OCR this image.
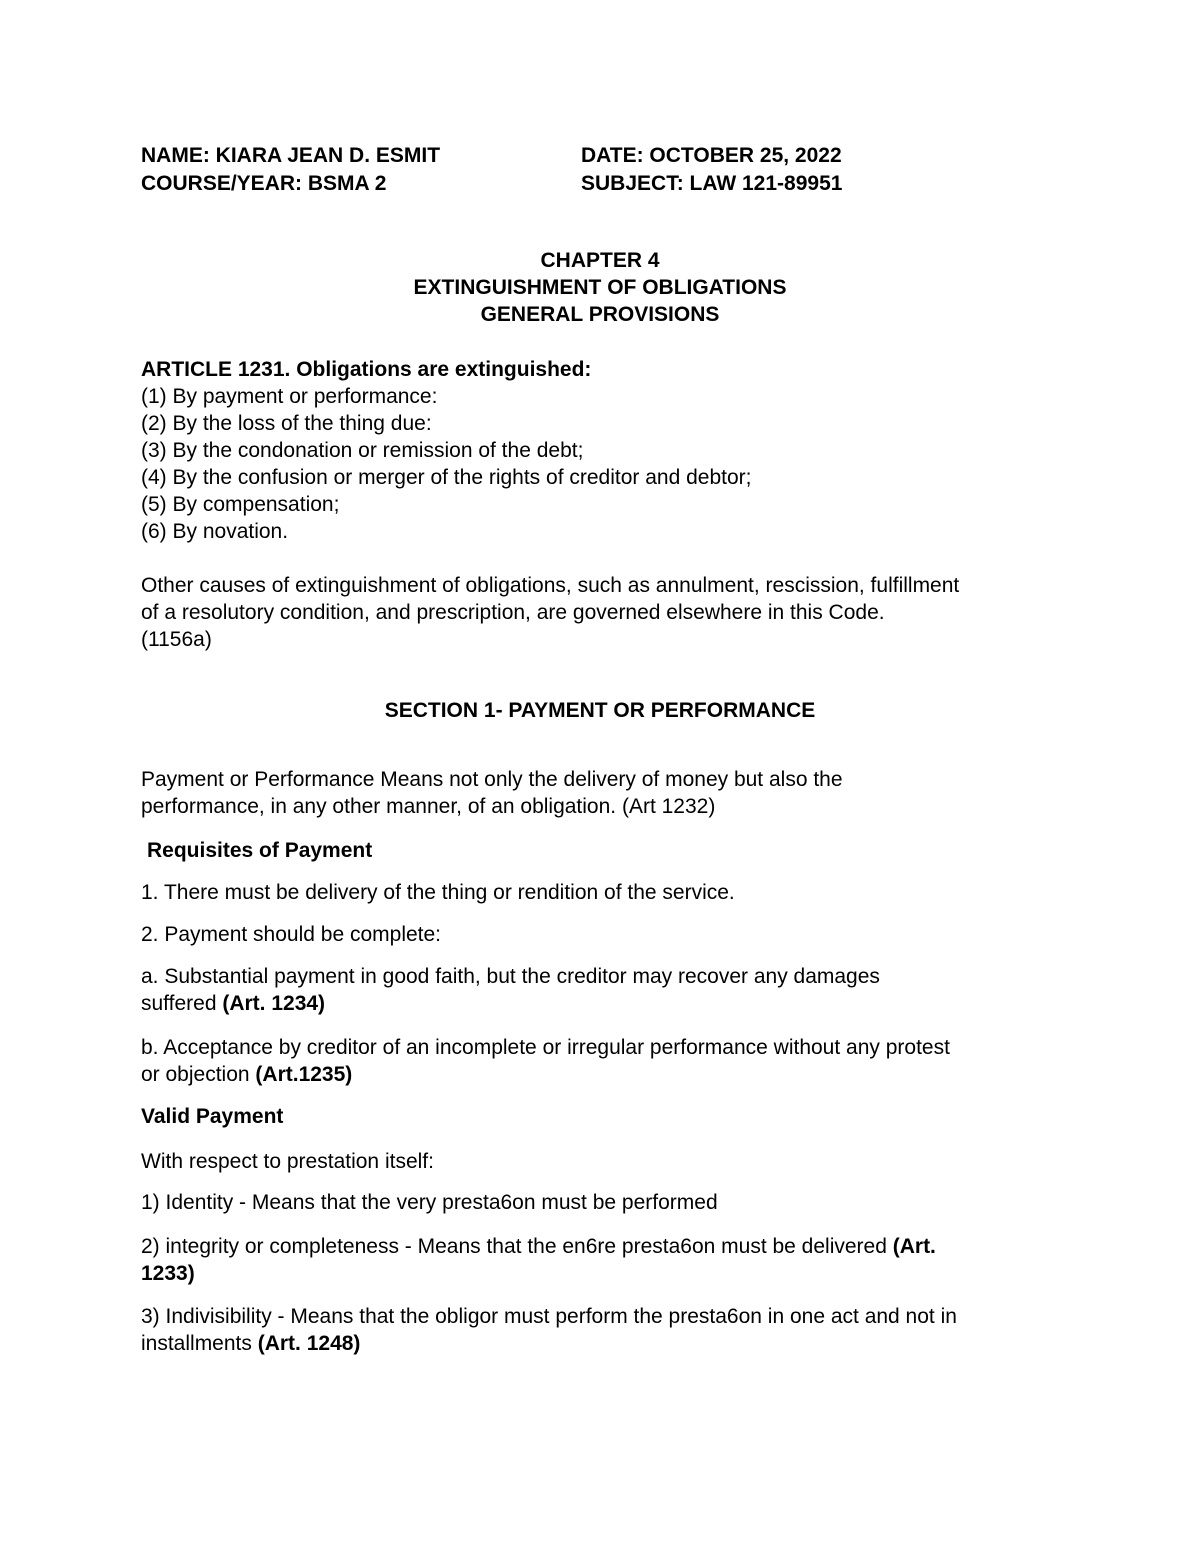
NAME: KIARA JEAN D. ESMIT
COURSE/YEAR: BSMA 2
DATE: OCTOBER 25, 2022
SUBJECT: LAW 121-89951
CHAPTER 4
EXTINGUISHMENT OF OBLIGATIONS
GENERAL PROVISIONS
ARTICLE 1231. Obligations are extinguished:
(1) By payment or performance:
(2) By the loss of the thing due:
(3) By the condonation or remission of the debt;
(4) By the confusion or merger of the rights of creditor and debtor;
(5) By compensation;
(6) By novation.
Other causes of extinguishment of obligations, such as annulment, rescission, fulfillment
of a resolutory condition, and prescription, are governed elsewhere in this Code.
(1156a)
SECTION 1- PAYMENT OR PERFORMANCE
Payment or Performance Means not only the delivery of money but also the
performance, in any other manner, of an obligation. (Art 1232)
Requisites of Payment
1. There must be delivery of the thing or rendition of the service.
2. Payment should be complete:
a. Substantial payment in good faith, but the creditor may recover any damages
suffered (Art. 1234)
b. Acceptance by creditor of an incomplete or irregular performance without any protest
or objection (Art.1235)
Valid Payment
With respect to prestation itself:
1) Identity - Means that the very presta6on must be performed
2) integrity or completeness - Means that the en6re presta6on must be delivered (Art.
1233)
3) Indivisibility - Means that the obligor must perform the presta6on in one act and not in
installments (Art. 1248)
